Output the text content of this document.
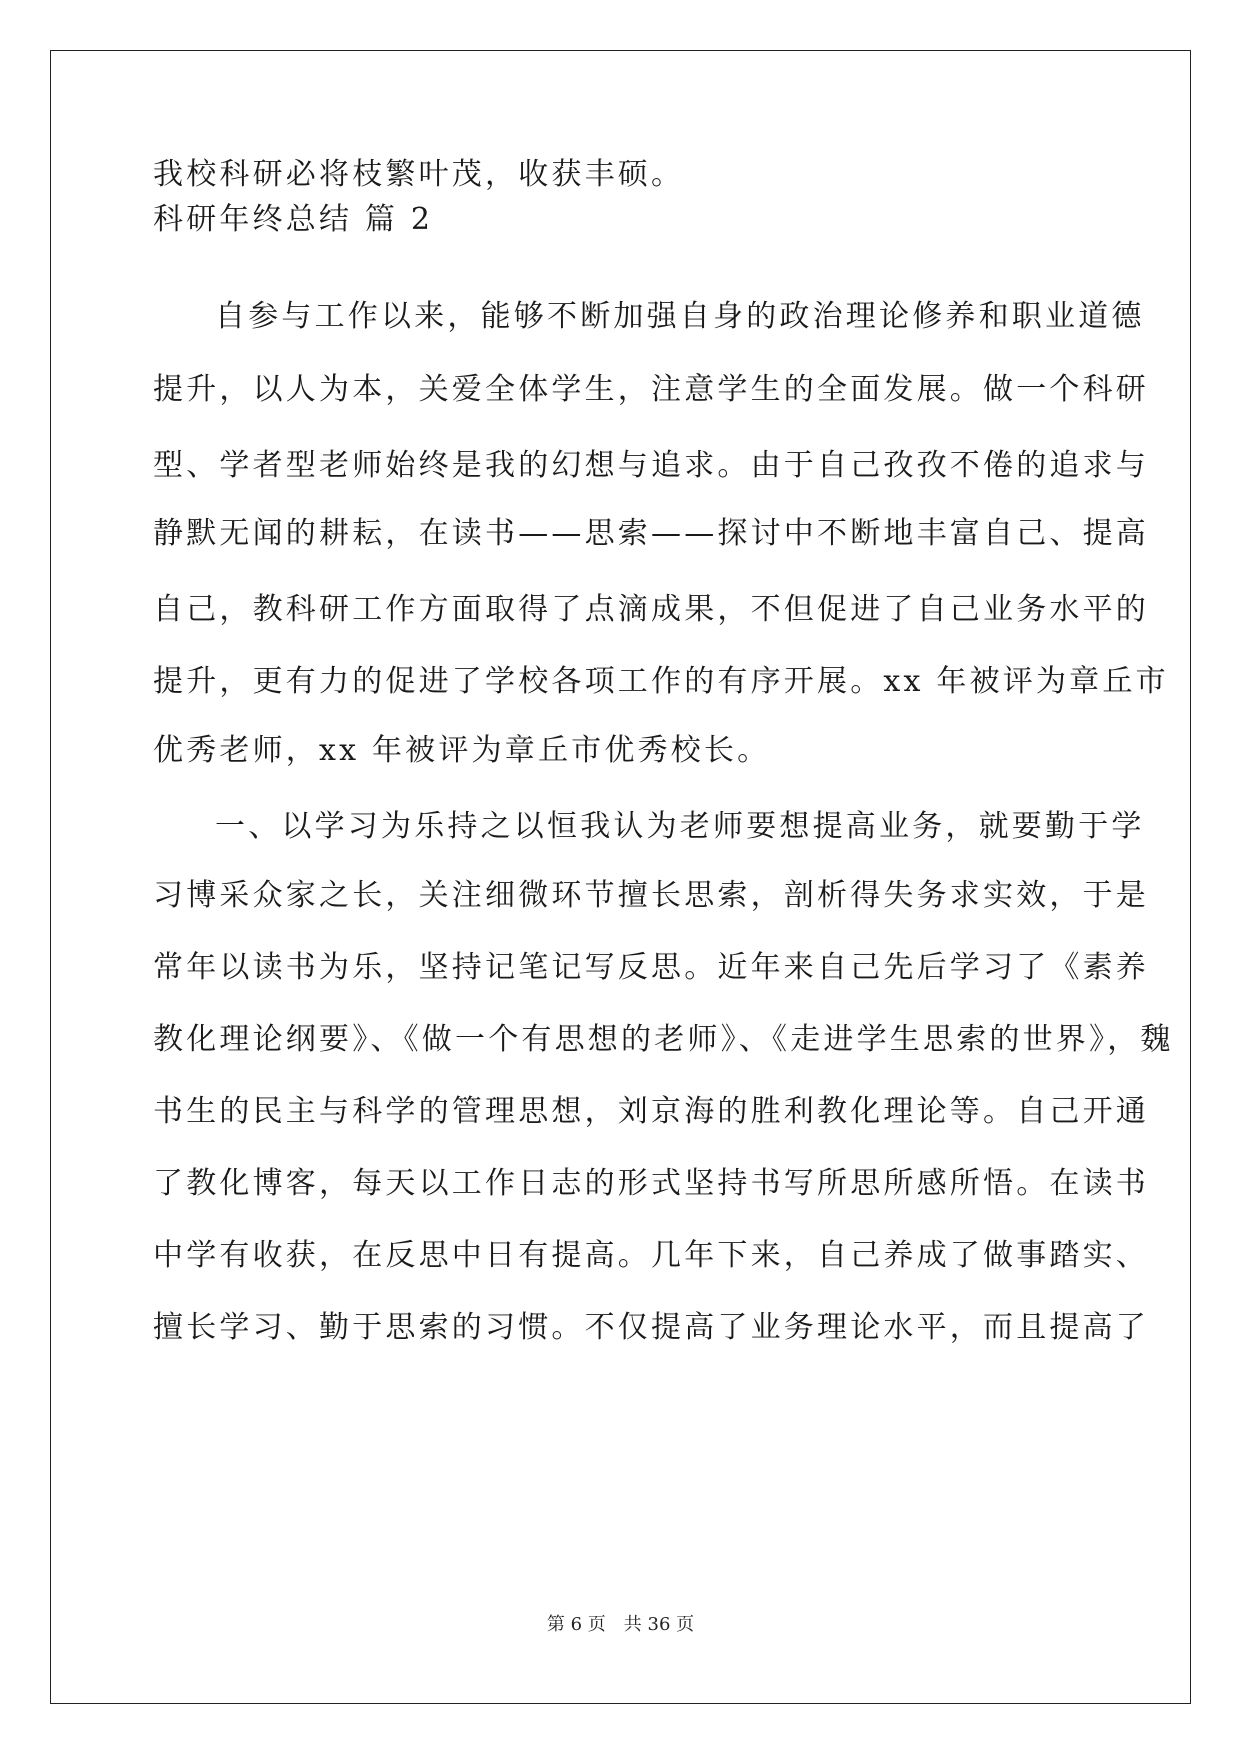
我校科研必将枝繁叶茂，收获丰硕。
科研年终总结 篇 2
自参与工作以来，能够不断加强自身的政治理论修养和职业道德
提升，以人为本，关爱全体学生，注意学生的全面发展。做一个科研
型、学者型老师始终是我的幻想与追求。由于自己孜孜不倦的追求与
静默无闻的耕耘，在读书——思索——探讨中不断地丰富自己、提高
自己，教科研工作方面取得了点滴成果，不但促进了自己业务水平的
提升，更有力的促进了学校各项工作的有序开展。xx 年被评为章丘市
优秀老师，xx 年被评为章丘市优秀校长。
一、以学习为乐持之以恒我认为老师要想提高业务，就要勤于学
习博采众家之长，关注细微环节擅长思索，剖析得失务求实效，于是
常年以读书为乐，坚持记笔记写反思。近年来自己先后学习了《素养
教化理论纲要》、《做一个有思想的老师》、《走进学生思索的世界》，魏
书生的民主与科学的管理思想，刘京海的胜利教化理论等。自己开通
了教化博客，每天以工作日志的形式坚持书写所思所感所悟。在读书
中学有收获，在反思中日有提高。几年下来，自己养成了做事踏实、
擅长学习、勤于思索的习惯。不仅提高了业务理论水平，而且提高了
第 6 页 共 36 页
